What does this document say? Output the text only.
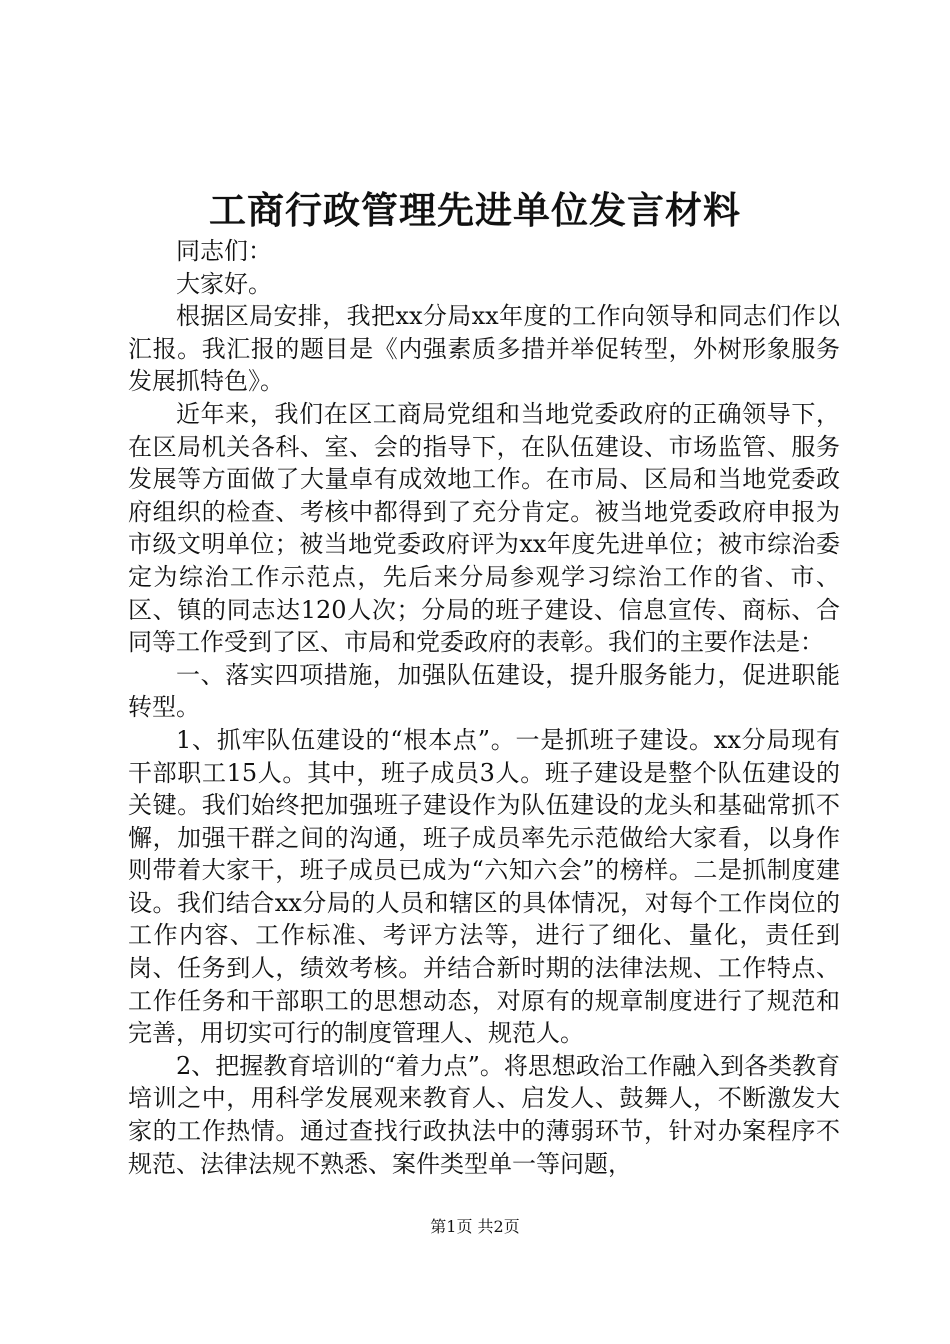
工商行政管理先进单位发言材料

同志们：

大家好。

根据区局安排，我把xx分局xx年度的工作向领导和同志们作以汇报。我汇报的题目是《内强素质多措并举促转型，外树形象服务发展抓特色》。

近年来，我们在区工商局党组和当地党委政府的正确领导下，在区局机关各科、室、会的指导下，在队伍建设、市场监管、服务发展等方面做了大量卓有成效地工作。在市局、区局和当地党委政府组织的检查、考核中都得到了充分肯定。被当地党委政府申报为市级文明单位；被当地党委政府评为xx年度先进单位；被市综治委定为综治工作示范点，先后来分局参观学习综治工作的省、市、区、镇的同志达120人次；分局的班子建设、信息宣传、商标、合同等工作受到了区、市局和党委政府的表彰。我们的主要作法是：

一、落实四项措施，加强队伍建设，提升服务能力，促进职能转型。

1、抓牢队伍建设的“根本点”。一是抓班子建设。xx分局现有干部职工15人。其中，班子成员3人。班子建设是整个队伍建设的关键。我们始终把加强班子建设作为队伍建设的龙头和基础常抓不懈，加强干群之间的沟通，班子成员率先示范做给大家看，以身作则带着大家干，班子成员已成为“六知六会”的榜样。二是抓制度建设。我们结合xx分局的人员和辖区的具体情况，对每个工作岗位的工作内容、工作标准、考评方法等，进行了细化、量化，责任到岗、任务到人，绩效考核。并结合新时期的法律法规、工作特点、工作任务和干部职工的思想动态，对原有的规章制度进行了规范和完善，用切实可行的制度管理人、规范人。

2、把握教育培训的“着力点”。将思想政治工作融入到各类教育培训之中，用科学发展观来教育人、启发人、鼓舞人，不断激发大家的工作热情。通过查找行政执法中的薄弱环节，针对办案程序不规范、法律法规不熟悉、案件类型单一等问题，

第1页 共2页
